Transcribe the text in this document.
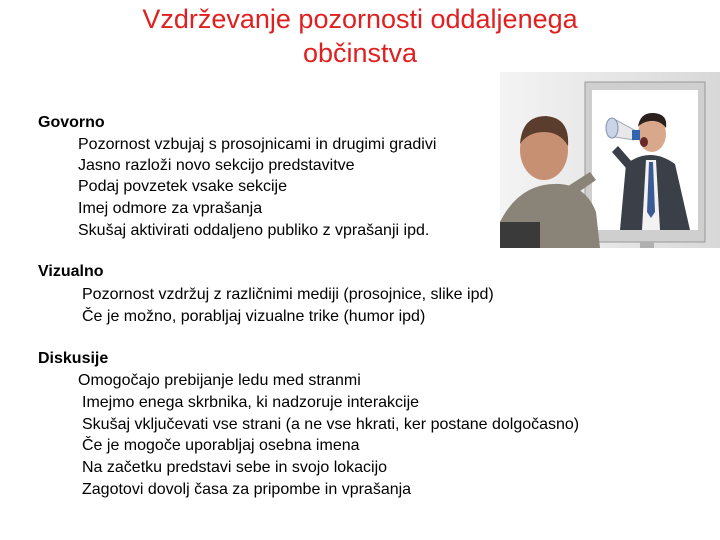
Vzdrževanje pozornosti oddaljenega
občinstva
Govorno
Pozornost vzbujaj s prosojnicami in drugimi gradivi
Jasno razloži novo sekcijo predstavitve
Podaj povzetek vsake sekcije
Imej odmore za vprašanja
Skušaj aktivirati oddaljeno publiko z vprašanji ipd.
Vizualno
Pozornost vzdržuj z različnimi mediji (prosojnice, slike ipd)
Če je možno, porabljaj vizualne trike (humor ipd)
Diskusije
Omogočajo prebijanje ledu med stranmi
Imejmo enega skrbnika, ki nadzoruje interakcije
Skušaj vključevati vse strani (a ne vse hkrati, ker postane dolgočasno)
Če je mogoče uporabljaj osebna imena
Na začetku predstavi sebe in svojo lokacijo
Zagotovi dovolj časa za pripombe in vprašanja
